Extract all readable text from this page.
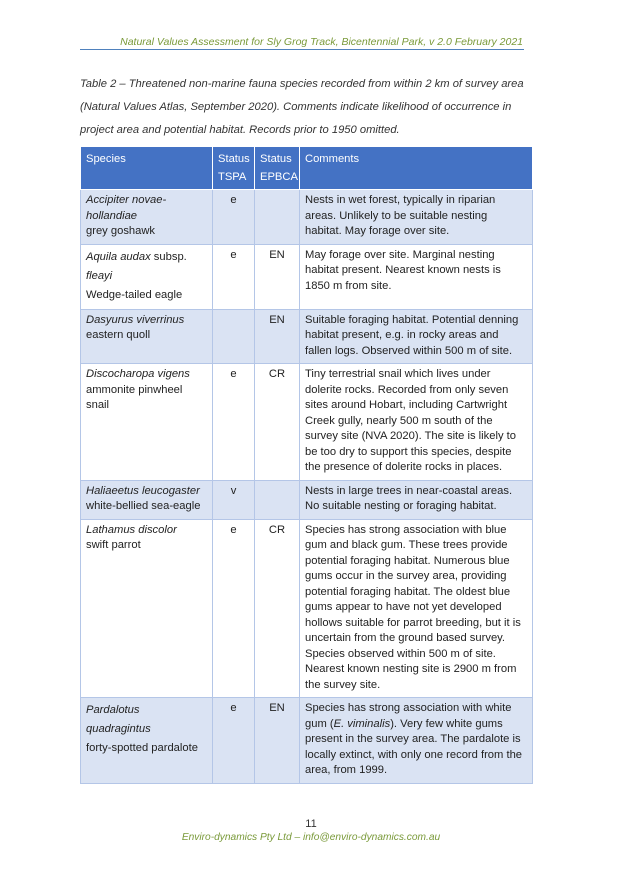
Natural Values Assessment for Sly Grog Track, Bicentennial Park, v 2.0 February 2021
Table 2 – Threatened non-marine fauna species recorded from within 2 km of survey area (Natural Values Atlas, September 2020). Comments indicate likelihood of occurrence in project area and potential habitat. Records prior to 1950 omitted.
Species	Status TSPA	Status EPBCA	Comments
Accipiter novae-hollandiae
grey goshawk	e		Nests in wet forest, typically in riparian areas. Unlikely to be suitable nesting habitat. May forage over site.
Aquila audax subsp.
fleayi
Wedge-tailed eagle	e	EN	May forage over site. Marginal nesting habitat present. Nearest known nests is 1850 m from site.
Dasyurus viverrinus
eastern quoll		EN	Suitable foraging habitat. Potential denning habitat present, e.g. in rocky areas and fallen logs. Observed within 500 m of site.
Discocharopa vigens
ammonite pinwheel snail	e	CR	Tiny terrestrial snail which lives under dolerite rocks. Recorded from only seven sites around Hobart, including Cartwright Creek gully, nearly 500 m south of the survey site (NVA 2020). The site is likely to be too dry to support this species, despite the presence of dolerite rocks in places.
Haliaeetus leucogaster
white-bellied sea-eagle	v		Nests in large trees in near-coastal areas. No suitable nesting or foraging habitat.
Lathamus discolor
swift parrot	e	CR	Species has strong association with blue gum and black gum. These trees provide potential foraging habitat. Numerous blue gums occur in the survey area, providing potential foraging habitat. The oldest blue gums appear to have not yet developed hollows suitable for parrot breeding, but it is uncertain from the ground based survey. Species observed within 500 m of site. Nearest known nesting site is 2900 m from the survey site.
Pardalotus quadragintus
forty-spotted pardalote	e	EN	Species has strong association with white gum (E. viminalis). Very few white gums present in the survey area. The pardalote is locally extinct, with only one record from the area, from 1999.
11
Enviro-dynamics Pty Ltd – info@enviro-dynamics.com.au
